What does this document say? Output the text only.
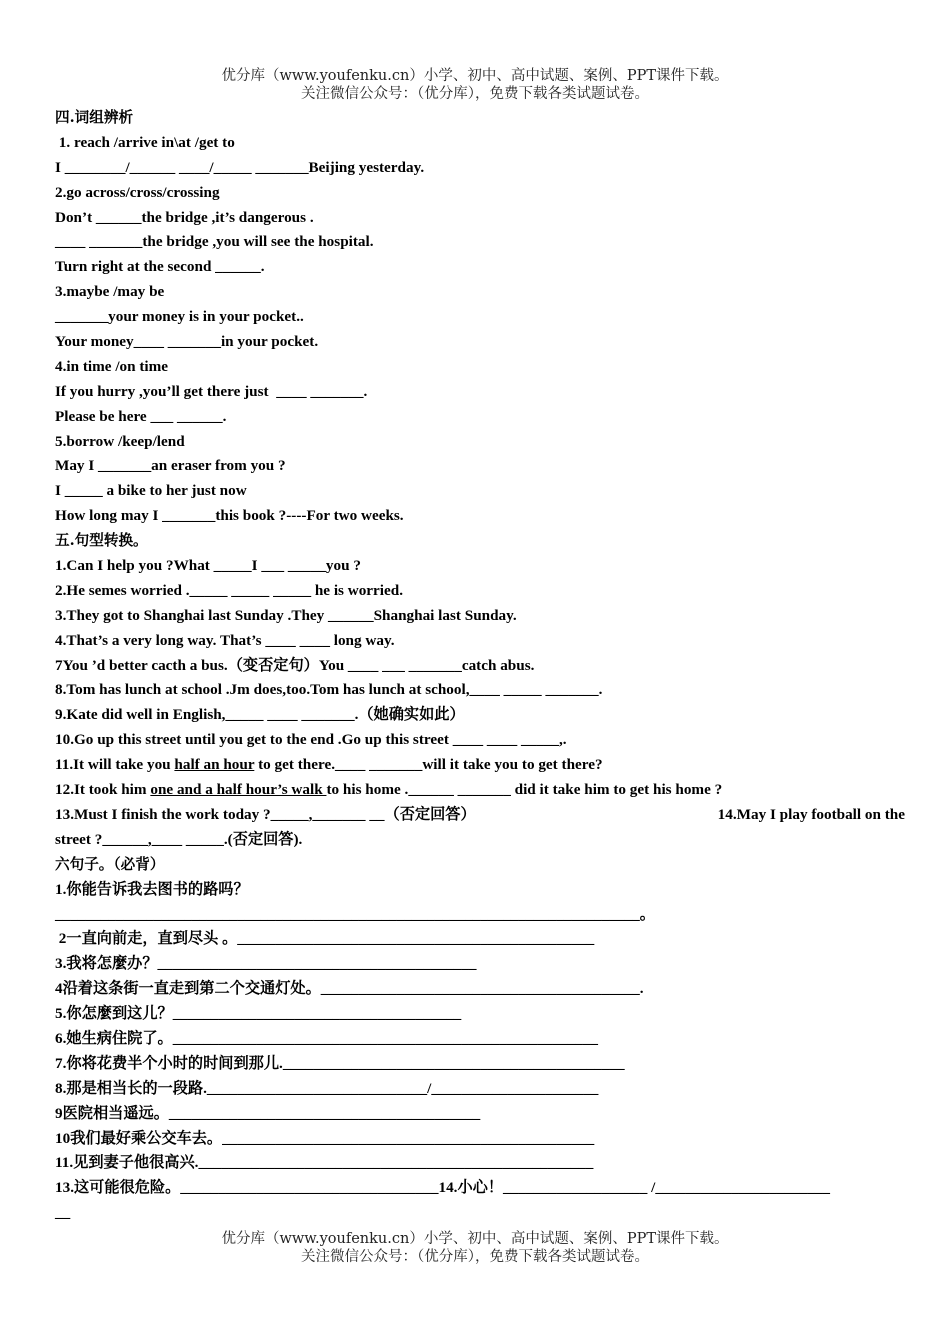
优分库（www.youfenku.cn）小学、初中、高中试题、案例、PPT课件下载。
关注微信公众号：（优分库），免费下载各类试题试卷。
四.词组辨析
1. reach /arrive in\at /get to
I ________/______ ____/_____ _______Beijing yesterday.
2.go across/cross/crossing
Don’t ______the bridge ,it’s dangerous .
____ _______the bridge ,you will see the hospital.
Turn right at the second ______.
3.maybe /may be
_______your money is in your pocket..
Your money____ _______in your pocket.
4.in time /on time
If you hurry ,you’ll get there just  ____ _______.
Please be here ___ ______.
5.borrow /keep/lend
May I _______an eraser from you ?
I _____ a bike to her just now
How long may I _______this book ?----For two weeks.
五.句型转换。
1.Can I help you ?What _____I ___ _____you ?
2.He semes worried ._____ _____ _____ he is worried.
3.They got to Shanghai last Sunday .They ______Shanghai last Sunday.
4.That’s a very long way. That’s ____ ____ long way.
7You ’d better cacth a bus.（变否定句）You ____ ___ _______catch abus.
8.Tom has lunch at school .Jm does,too.Tom has lunch at school,____ _____ _______.
9.Kate did well in English,_____ ____ _______.（她确实如此）
10.Go up this street until you get to the end .Go up this street ____ ____ _____,.
11.It will take you half an hour to get there.____ _______will it take you to get there?
12.It took him one and a half hour’s walk to his home .______ _______ did it take him to get his home ?
13.Must I finish the work today ?_____,_______ __（否定回答）	14.May I play football on the
street ?______,____ _____.(否定回答).
六句子。（必背）
1.你能告诉我去图书的路吗？
_____________________________________________________________________________。
2一直向前走，直到尽头 。_______________________________________________
3.我将怎麼办？__________________________________________
4沿着这条街一直走到第二个交通灯处。__________________________________________.
5.你怎麼到这儿？______________________________________
6.她生病住院了。________________________________________________________
7.你将花费半个小时的时间到那儿._____________________________________________
8.那是相当长的一段路._____________________________/______________________
9医院相当遥远。_________________________________________
10我们最好乘公交车去。_________________________________________________
11.见到妻子他很高兴.____________________________________________________
13.这可能很危险。__________________________________14.小心！___________________ /_______________________
__
优分库（www.youfenku.cn）小学、初中、高中试题、案例、PPT课件下载。
关注微信公众号：（优分库），免费下载各类试题试卷。
